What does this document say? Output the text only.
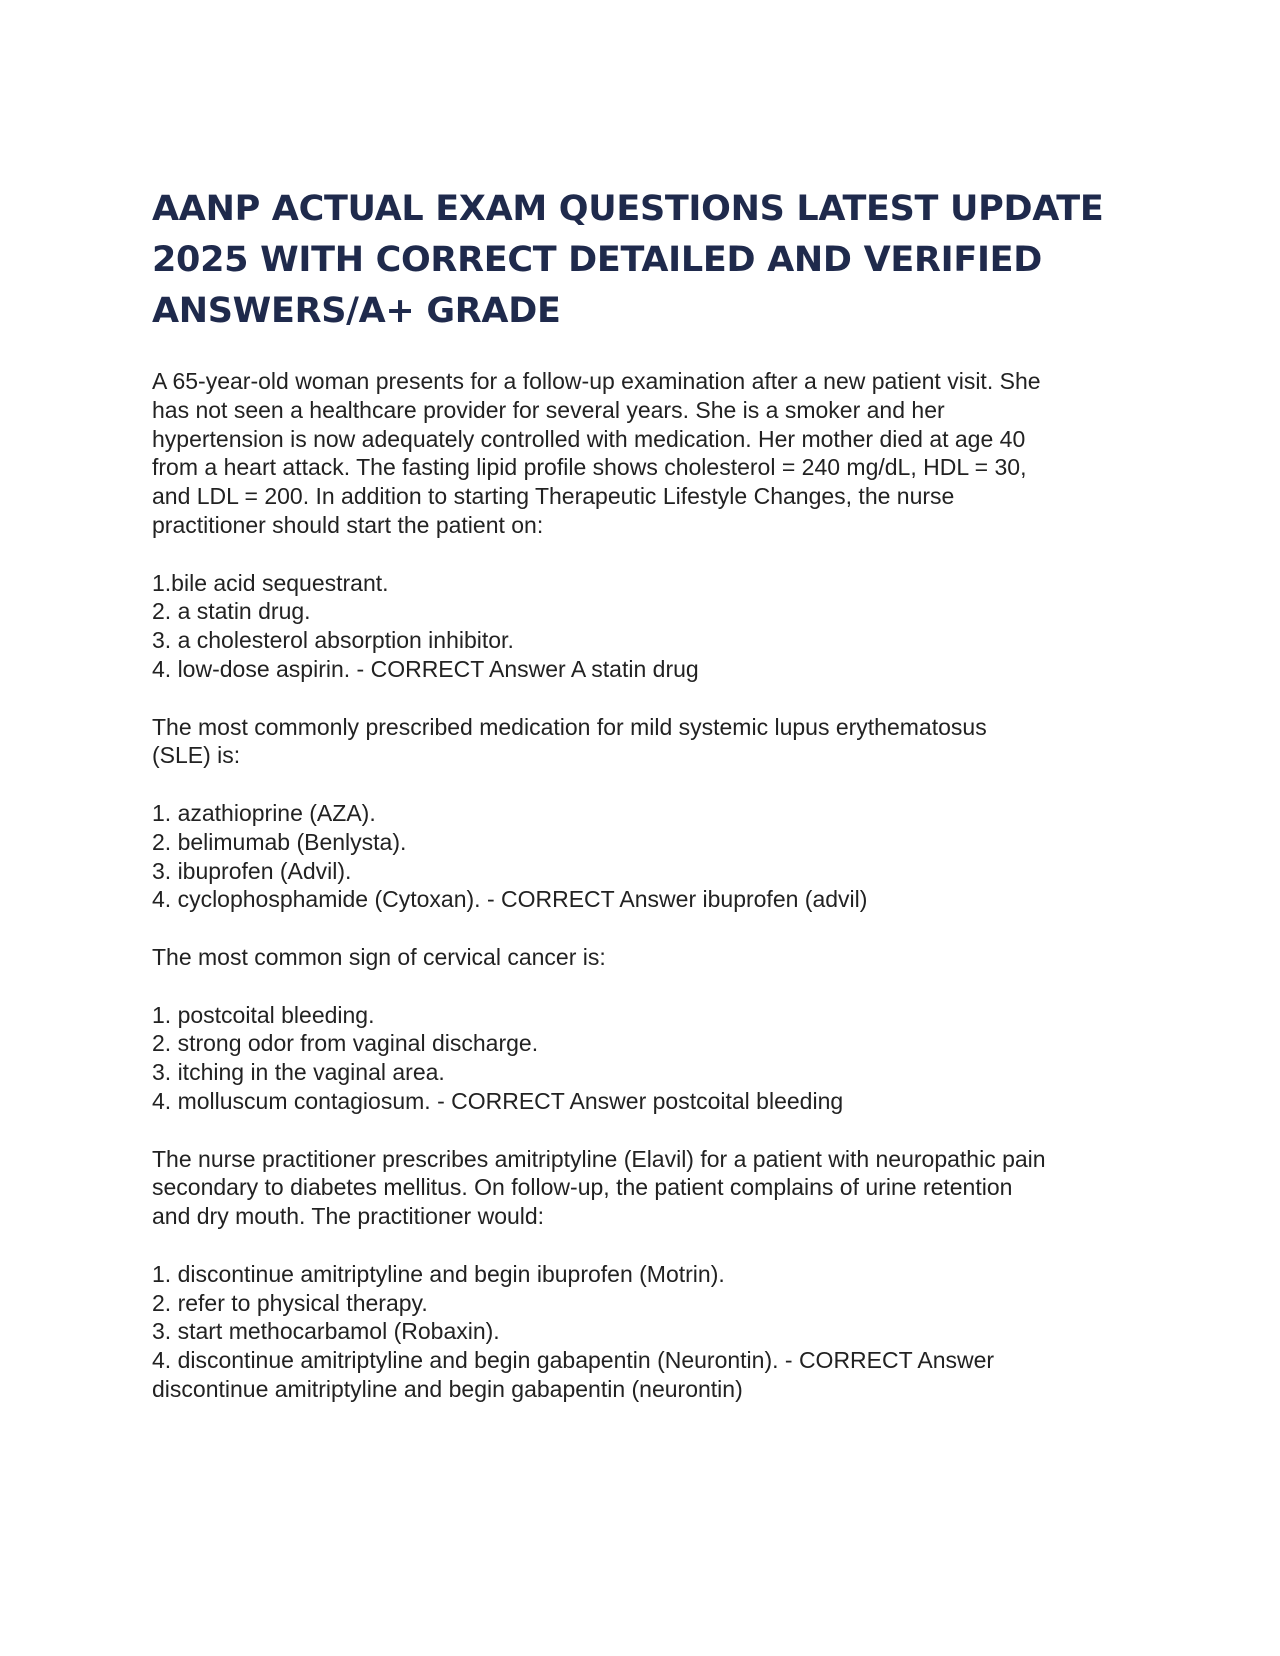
AANP ACTUAL EXAM QUESTIONS LATEST UPDATE
2025 WITH CORRECT DETAILED AND VERIFIED
ANSWERS/A+ GRADE
A 65-year-old woman presents for a follow-up examination after a new patient visit. She
has not seen a healthcare provider for several years. She is a smoker and her
hypertension is now adequately controlled with medication. Her mother died at age 40
from a heart attack. The fasting lipid profile shows cholesterol = 240 mg/dL, HDL = 30,
and LDL = 200. In addition to starting Therapeutic Lifestyle Changes, the nurse
practitioner should start the patient on:
1.bile acid sequestrant.
2. a statin drug.
3. a cholesterol absorption inhibitor.
4. low-dose aspirin. - CORRECT Answer A statin drug
The most commonly prescribed medication for mild systemic lupus erythematosus
(SLE) is:
1. azathioprine (AZA).
2. belimumab (Benlysta).
3. ibuprofen (Advil).
4. cyclophosphamide (Cytoxan). - CORRECT Answer ibuprofen (advil)
The most common sign of cervical cancer is:
1. postcoital bleeding.
2. strong odor from vaginal discharge.
3. itching in the vaginal area.
4. molluscum contagiosum. - CORRECT Answer postcoital bleeding
The nurse practitioner prescribes amitriptyline (Elavil) for a patient with neuropathic pain
secondary to diabetes mellitus. On follow-up, the patient complains of urine retention
and dry mouth. The practitioner would:
1. discontinue amitriptyline and begin ibuprofen (Motrin).
2. refer to physical therapy.
3. start methocarbamol (Robaxin).
4. discontinue amitriptyline and begin gabapentin (Neurontin). - CORRECT Answer
discontinue amitriptyline and begin gabapentin (neurontin)
